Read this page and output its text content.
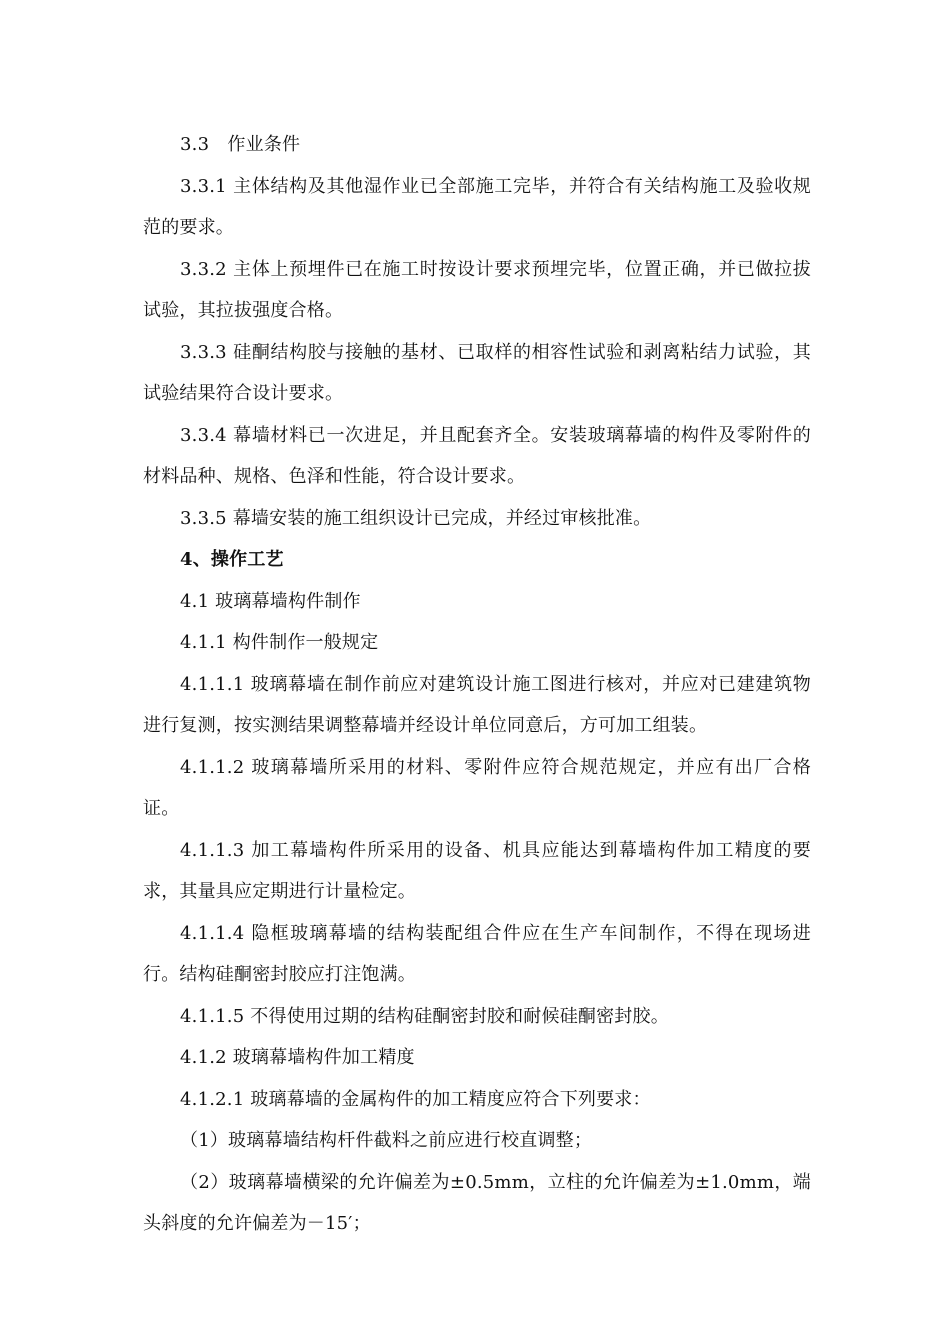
3.3　作业条件

3.3.1 主体结构及其他湿作业已全部施工完毕，并符合有关结构施工及验收规范的要求。

3.3.2 主体上预埋件已在施工时按设计要求预埋完毕，位置正确，并已做拉拔试验，其拉拔强度合格。

3.3.3 硅酮结构胶与接触的基材、已取样的相容性试验和剥离粘结力试验，其试验结果符合设计要求。

3.3.4 幕墙材料已一次进足，并且配套齐全。安装玻璃幕墙的构件及零附件的材料品种、规格、色泽和性能，符合设计要求。

3.3.5 幕墙安装的施工组织设计已完成，并经过审核批准。

4、操作工艺

4.1 玻璃幕墙构件制作

4.1.1 构件制作一般规定

4.1.1.1 玻璃幕墙在制作前应对建筑设计施工图进行核对，并应对已建建筑物进行复测，按实测结果调整幕墙并经设计单位同意后，方可加工组装。

4.1.1.2 玻璃幕墙所采用的材料、零附件应符合规范规定，并应有出厂合格证。

4.1.1.3 加工幕墙构件所采用的设备、机具应能达到幕墙构件加工精度的要求，其量具应定期进行计量检定。

4.1.1.4 隐框玻璃幕墙的结构装配组合件应在生产车间制作，不得在现场进行。结构硅酮密封胶应打注饱满。

4.1.1.5 不得使用过期的结构硅酮密封胶和耐候硅酮密封胶。

4.1.2 玻璃幕墙构件加工精度

4.1.2.1 玻璃幕墙的金属构件的加工精度应符合下列要求：

（1）玻璃幕墙结构杆件截料之前应进行校直调整；

（2）玻璃幕墙横梁的允许偏差为±0.5mm，立柱的允许偏差为±1.0mm，端头斜度的允许偏差为－15′；
